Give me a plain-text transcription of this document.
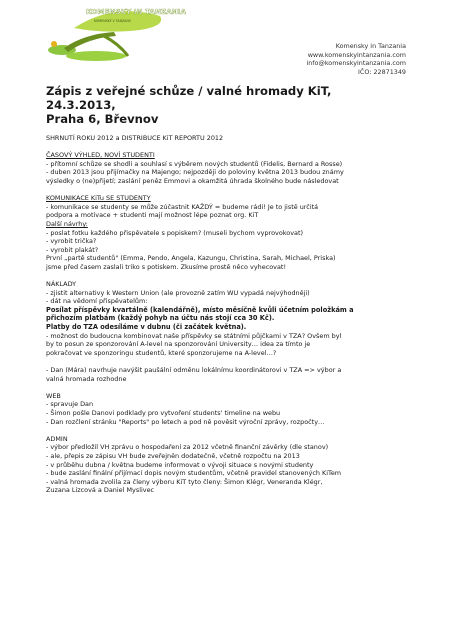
KOMENSKY IN TANZANIA
KOMENSKÝ V TANZANII
Komensky in Tanzania
www.komenskyintanzania.com
info@komenskyintanzania.com
IČO: 22871349
Zápis z veřejné schůze / valné hromady KiT, 24.3.2013,
Praha 6, Břevnov

SHRNUTÍ ROKU 2012 a DISTRIBUCE KiT REPORTU 2012

ČASOVÝ VÝHLED, NOVÍ STUDENTI

- přítomní schůze se shodli a souhlasí s výběrem nových studentů (Fidelis, Bernard a Rosse)

- duben 2013 jsou přijímačky na Majengo; nejpozději do poloviny května 2013 budou známy

výsledky o (ne)přijetí; zaslání peněz Emmovi a okamžitá úhrada školného bude následovat

KOMUNIKACE KiTu SE STUDENTY

- komunikace se studenty se může zúčastnit KAŽDÝ = budeme rádi! Je to jistě určitá

podpora a motivace + studenti mají možnost lépe poznat org. KiT

Další návrhy:

- poslat fotku každého přispěvatele s popiskem? (museli bychom vyprovokovat)

- vyrobit trička?

- vyrobit plakát?

První „partě studentů" (Emma, Pendo, Angela, Kazungu, Christina, Sarah, Michael, Priska)

jsme před časem zaslali triko s potiskem. Zkusíme prostě něco vyhecovat!

NÁKLADY

- zjistit alternativy k Western Union (ale provozně zatím WU vypadá nejvýhodněji)

- dát na vědomí přispěvatelům:

Posílat příspěvky kvartálně (kalendářně), místo měsíčně kvůli účetním položkám a

přichozím platbám (každý pohyb na účtu nás stojí cca 30 Kč).

Platby do TZA odesíláme v dubnu (či začátek května).

- možnost do budoucna kombinovat naše příspěvky se státními půjčkami v TZA? Ovšem byl

by to posun ze sponzorování A-level na sponzorování University… idea za tímto je

pokračovat ve sponzoringu studentů, které sponzorujeme na A-level…?

- Dan (Mára) navrhuje navýšit paušální odměnu lokálnímu koordinátorovi v TZA => výbor a

valná hromada rozhodne

WEB

- spravuje Dan

- Šimon pošle Danovi podklady pro vytvoření students' timeline na webu

- Dan rozčlení stránku "Reports" po letech a pod ně pověsit výroční zprávy, rozpočty…

ADMIN

- výbor předložil VH zprávu o hospodaření za 2012 včetně finanční závěrky (dle stanov)

- ale, přepis ze zápisu VH bude zveřejněn dodatečně, včetně rozpočtu na 2013

- v průběhu dubna / května budeme informovat o vývoji situace s novými studenty

- bude zaslání finální přijímací dopis novým studentům, včetně pravidel stanovených KiTem

- valná hromada zvolila za členy výboru KiT tyto členy: Šimon Klégr, Veneranda Klégr,

Zuzana Lizcová a Daniel Myslivec
